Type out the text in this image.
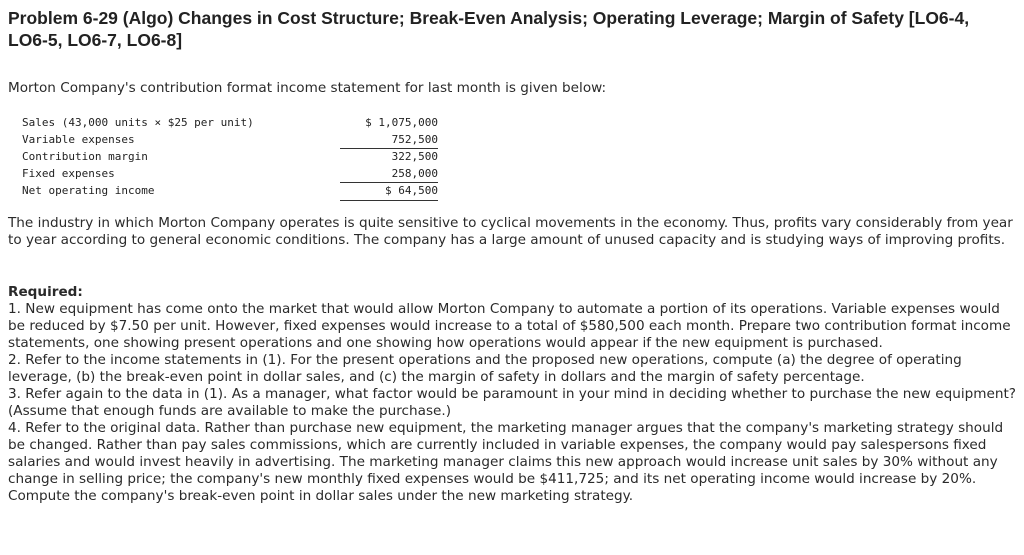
Problem 6-29 (Algo) Changes in Cost Structure; Break-Even Analysis; Operating Leverage; Margin of Safety [LO6-4, LO6-5, LO6-7, LO6-8]

Morton Company's contribution format income statement for last month is given below:

Sales (43,000 units × $25 per unit)	$ 1,075,000
Variable expenses	752,500
Contribution margin	322,500
Fixed expenses	258,000
Net operating income	$ 64,500

The industry in which Morton Company operates is quite sensitive to cyclical movements in the economy. Thus, profits vary considerably from year to year according to general economic conditions. The company has a large amount of unused capacity and is studying ways of improving profits.

Required:

1. New equipment has come onto the market that would allow Morton Company to automate a portion of its operations. Variable expenses would be reduced by $7.50 per unit. However, fixed expenses would increase to a total of $580,500 each month. Prepare two contribution format income statements, one showing present operations and one showing how operations would appear if the new equipment is purchased.

2. Refer to the income statements in (1). For the present operations and the proposed new operations, compute (a) the degree of operating leverage, (b) the break-even point in dollar sales, and (c) the margin of safety in dollars and the margin of safety percentage.

3. Refer again to the data in (1). As a manager, what factor would be paramount in your mind in deciding whether to purchase the new equipment? (Assume that enough funds are available to make the purchase.)

4. Refer to the original data. Rather than purchase new equipment, the marketing manager argues that the company's marketing strategy should be changed. Rather than pay sales commissions, which are currently included in variable expenses, the company would pay salespersons fixed salaries and would invest heavily in advertising. The marketing manager claims this new approach would increase unit sales by 30% without any change in selling price; the company's new monthly fixed expenses would be $411,725; and its net operating income would increase by 20%. Compute the company's break-even point in dollar sales under the new marketing strategy.
